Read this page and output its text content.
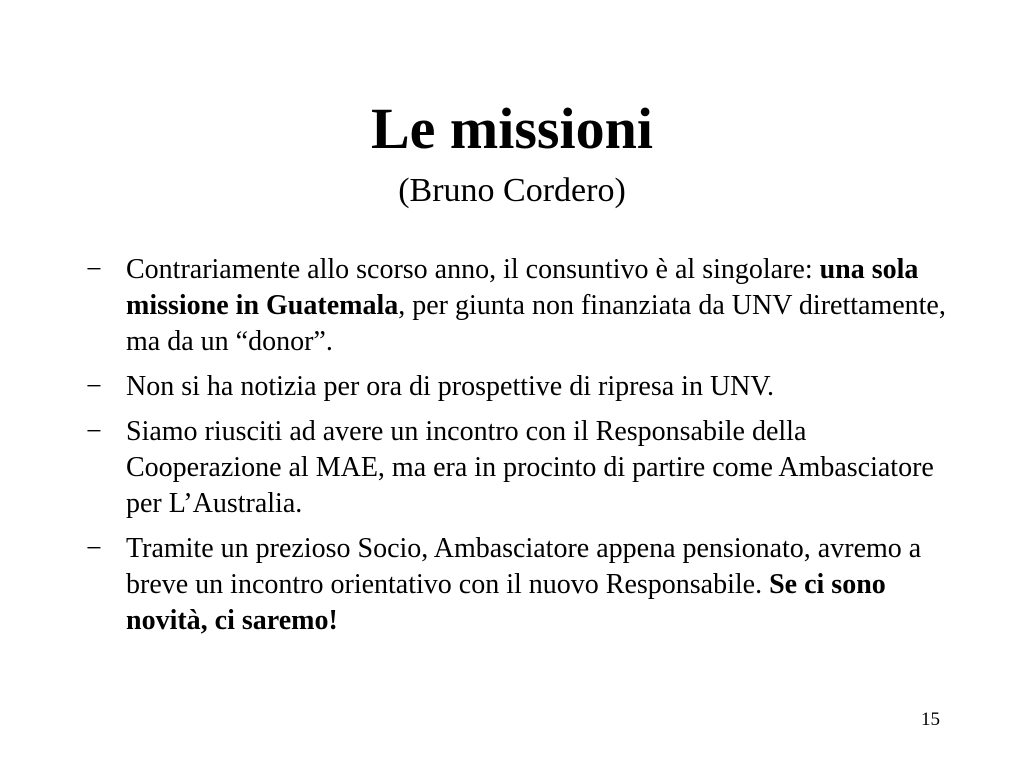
Le missioni

(Bruno Cordero)

− Contrariamente allo scorso anno, il consuntivo è al singolare: una sola missione in Guatemala, per giunta non finanziata da UNV direttamente, ma da un “donor”.
− Non si ha notizia per ora di prospettive di ripresa in UNV.
− Siamo riusciti ad avere un incontro con il Responsabile della Cooperazione al MAE, ma era in procinto di partire come Ambasciatore per L’Australia.
− Tramite un prezioso Socio, Ambasciatore appena pensionato, avremo a breve un incontro orientativo con il nuovo Responsabile. Se ci sono novità, ci saremo!
15
